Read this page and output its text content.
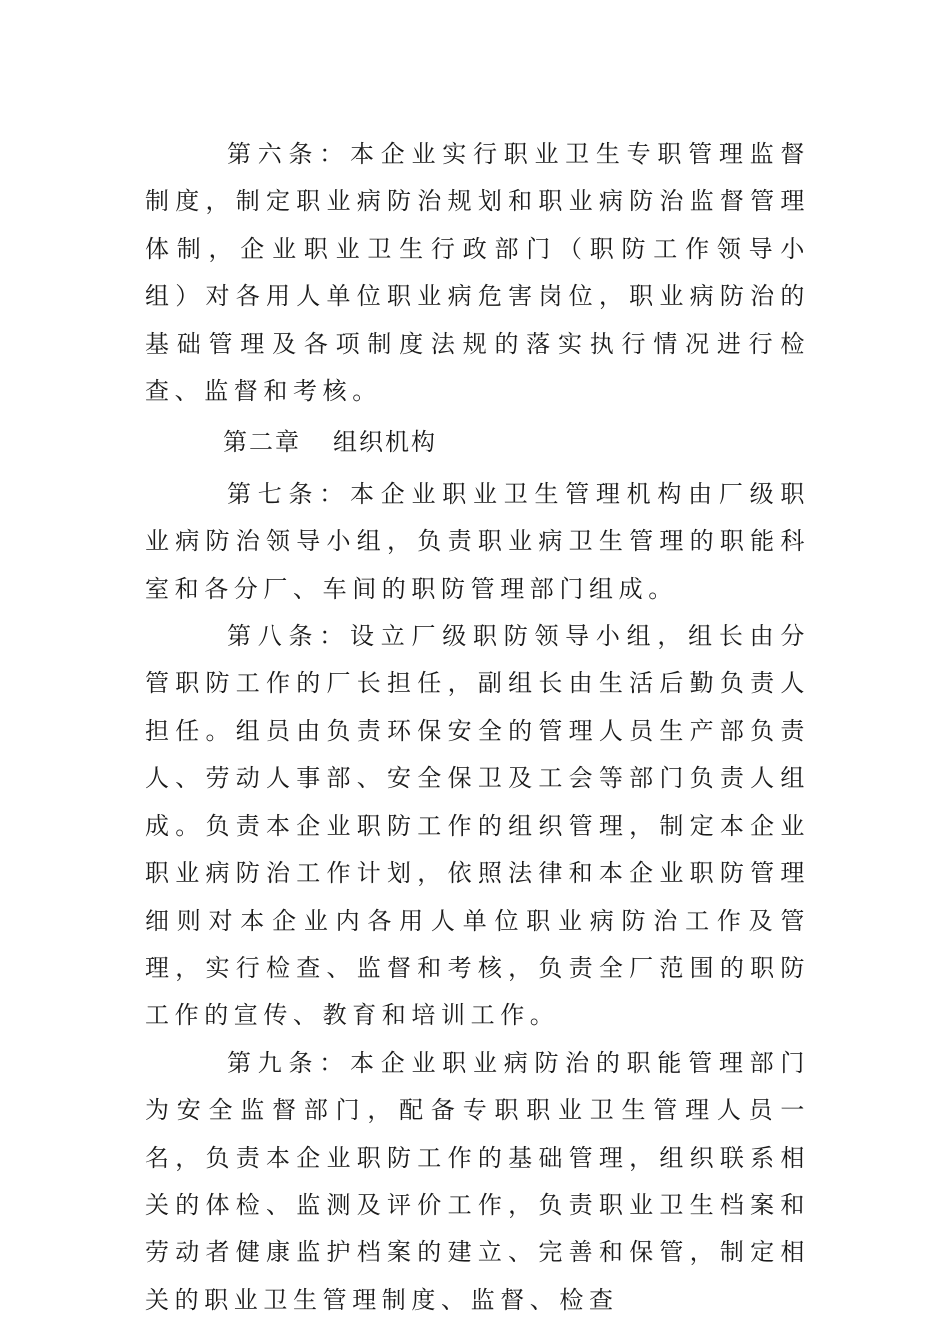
第六条：本企业实行职业卫生专职管理监督制度，制定职业病防治规划和职业病防治监督管理体制，企业职业卫生行政部门（职防工作领导小组）对各用人单位职业病危害岗位，职业病防治的基础管理及各项制度法规的落实执行情况进行检查、监督和考核。

第二章 组织机构

第七条：本企业职业卫生管理机构由厂级职业病防治领导小组，负责职业病卫生管理的职能科室和各分厂、车间的职防管理部门组成。

第八条：设立厂级职防领导小组，组长由分管职防工作的厂长担任，副组长由生活后勤负责人担任。组员由负责环保安全的管理人员生产部负责人、劳动人事部、安全保卫及工会等部门负责人组成。负责本企业职防工作的组织管理，制定本企业职业病防治工作计划，依照法律和本企业职防管理细则对本企业内各用人单位职业病防治工作及管理，实行检查、监督和考核，负责全厂范围的职防工作的宣传、教育和培训工作。

第九条：本企业职业病防治的职能管理部门为安全监督部门，配备专职职业卫生管理人员一名，负责本企业职防工作的基础管理，组织联系相关的体检、监测及评价工作，负责职业卫生档案和劳动者健康监护档案的建立、完善和保管，制定相关的职业卫生管理制度、监督、检查
